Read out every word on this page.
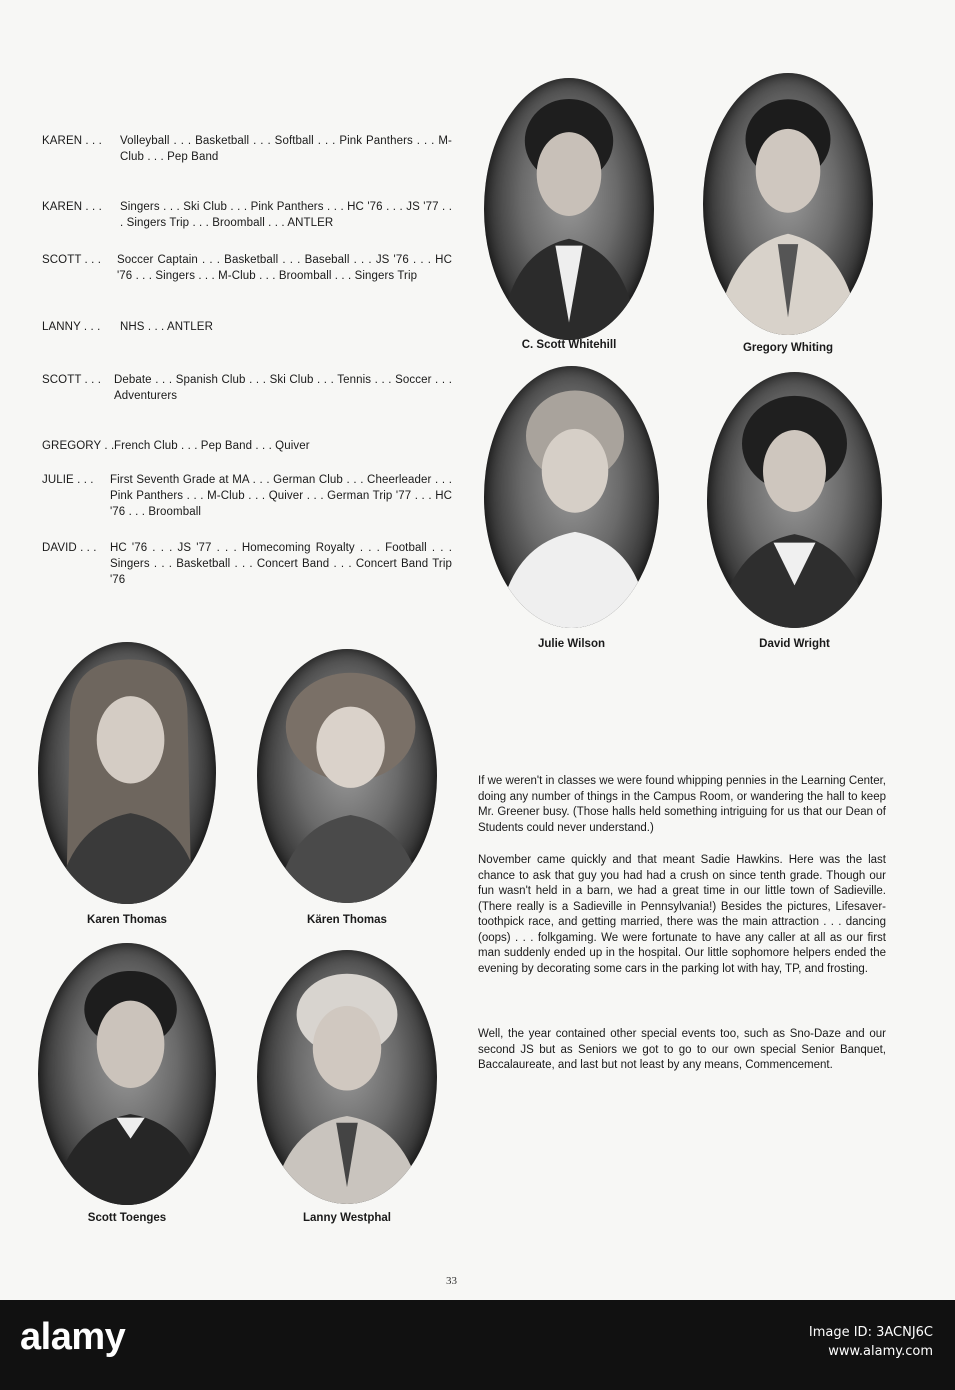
KAREN . . . Volleyball . . . Basketball . . . Softball . . . Pink Panthers . . . M-Club . . . Pep Band
KAREN . . . Singers . . . Ski Club . . . Pink Panthers . . . HC '76 . . . JS '77 . . . Singers Trip . . . Broomball . . . ANTLER
SCOTT . . . Soccer Captain . . . Basketball . . . Baseball . . . JS '76 . . . HC '76 . . . Singers . . . M-Club . . . Broomball . . . Singers Trip
LANNY . . . NHS . . . ANTLER
SCOTT . . . Debate . . . Spanish Club . . . Ski Club . . . Tennis . . . Soccer . . . Adventurers
GREGORY . . French Club . . . Pep Band . . . Quiver
JULIE . . . First Seventh Grade at MA . . . German Club . . . Cheerleader . . . Pink Panthers . . . M-Club . . . Quiver . . . German Trip '77 . . . HC '76 . . . Broomball
DAVID . . . HC '76 . . . JS '77 . . . Homecoming Royalty . . . Football . . . Singers . . . Basketball . . . Concert Band . . . Concert Band Trip '76
C. Scott Whitehill	Gregory Whiting
Julie Wilson	David Wright
Karen Thomas	Kären Thomas
Scott Toenges	Lanny Westphal
If we weren't in classes we were found whipping pennies in the Learning Center, doing any number of things in the Campus Room, or wandering the hall to keep Mr. Greener busy. (Those halls held something intriguing for us that our Dean of Students could never understand.)
November came quickly and that meant Sadie Hawkins. Here was the last chance to ask that guy you had had a crush on since tenth grade. Though our fun wasn't held in a barn, we had a great time in our little town of Sadieville. (There really is a Sadieville in Pennsylvania!) Besides the pictures, Lifesaver-toothpick race, and getting married, there was the main attraction . . . dancing (oops) . . . folkgaming. We were fortunate to have any caller at all as our first man suddenly ended up in the hospital. Our little sophomore helpers ended the evening by decorating some cars in the parking lot with hay, TP, and frosting.
Well, the year contained other special events too, such as Sno-Daze and our second JS but as Seniors we got to go to our own special Senior Banquet, Baccalaureate, and last but not least by any means, Commencement.
33
alamy	Image ID: 3ACNJ6C
www.alamy.com
